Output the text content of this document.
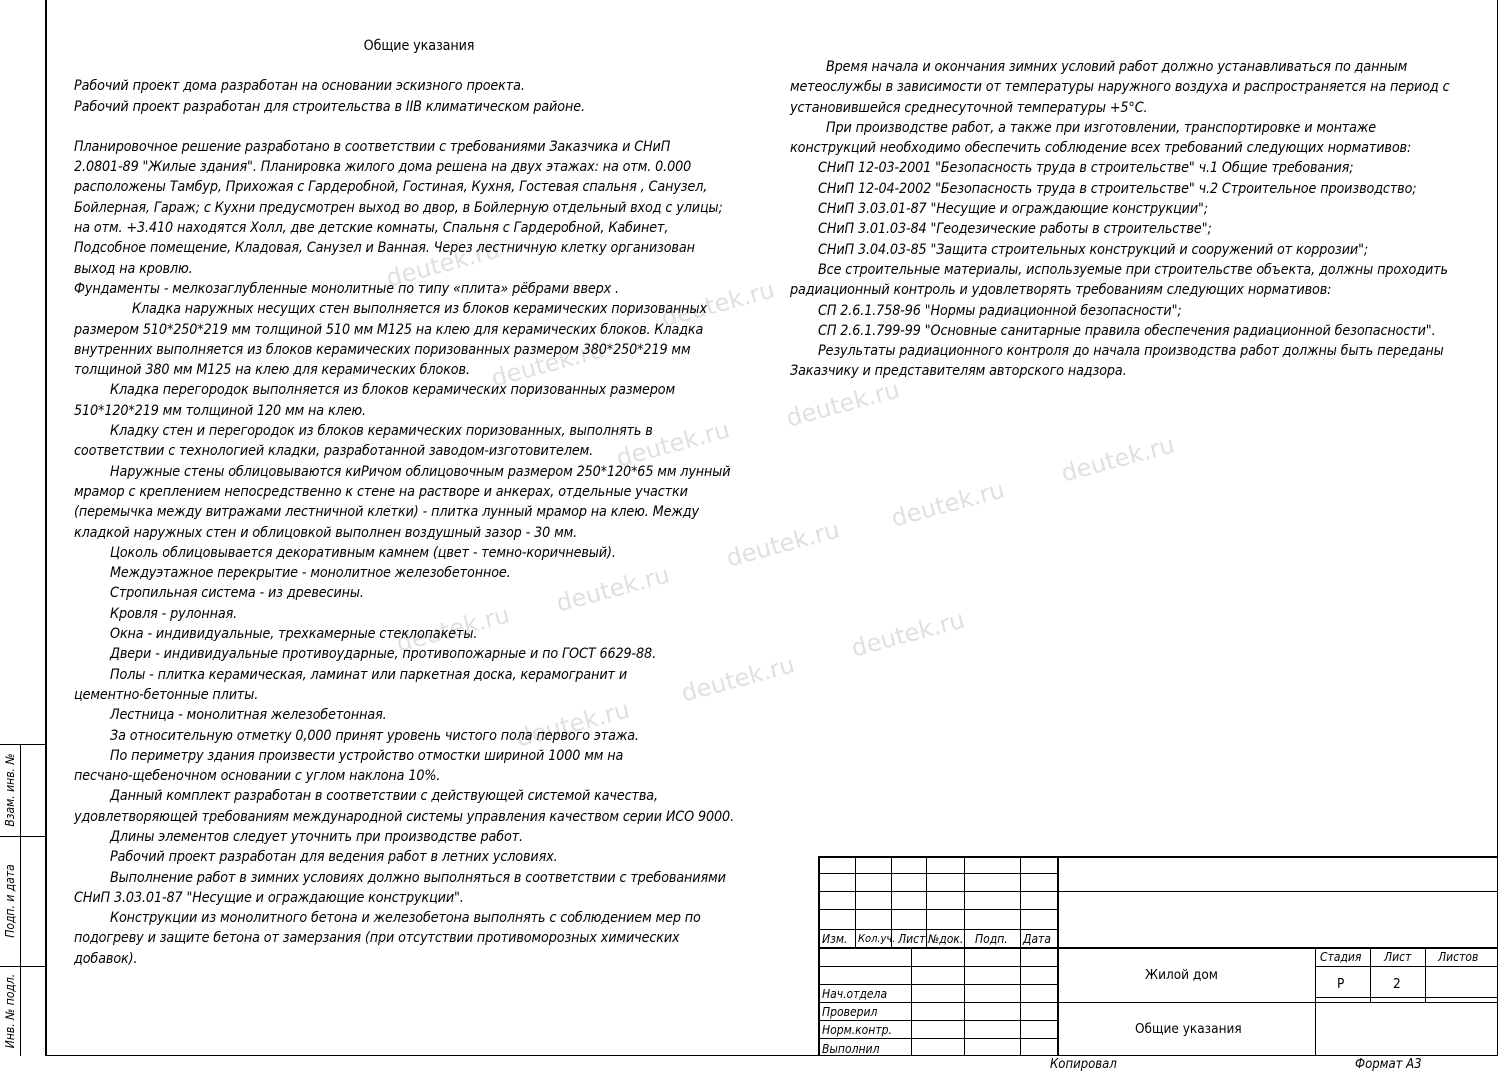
deutek.ru
deutek.ru
deutek.ru
deutek.ru
deutek.ru	deutek.ru
deutek.ru
deutek.ru
deutek.ru
deutek.ru	deutek.ru
deutek.ru
deutek.ru

Общие указания

Рабочий проект дома разработан на основании эскизного проекта.

Рабочий проект разработан для строительства в IIВ климатическом районе.

Планировочное решение разработано в соответствии с требованиями Заказчика и СНиП

2.0801-89 "Жилые здания". Планировка жилого дома решена на двух этажах: на отм. 0.000

расположены Тамбур, Прихожая с Гардеробной, Гостиная, Кухня, Гостевая спальня , Санузел,

Бойлерная, Гараж; с Кухни предусмотрен выход во двор, в Бойлерную отдельный вход с улицы;

на отм. +3.410 находятся Холл, две детские комнаты, Спальня с Гардеробной, Кабинет,

Подсобное помещение, Кладовая, Санузел и Ванная. Через лестничную клетку организован

выход на кровлю.

Фундаменты - мелкозаглубленные монолитные по типу «плита» рёбрами вверх .

Кладка наружных несущих стен выполняется из блоков керамических поризованных

размером 510*250*219 мм толщиной 510 мм М125 на клею для керамических блоков. Кладка

внутренних выполняется из блоков керамических поризованных размером 380*250*219 мм

толщиной 380 мм М125 на клею для керамических блоков.

Кладка перегородок выполняется из блоков керамических поризованных размером

510*120*219 мм толщиной 120 мм на клею.

Кладку стен и перегородок из блоков керамических поризованных, выполнять в

соответствии с технологией кладки, разработанной заводом-изготовителем.

Наружные стены облицовываются киРичом облицовочным размером 250*120*65 мм лунный

мрамор с креплением непосредственно к стене на растворе и анкерах, отдельные участки

(перемычка между витражами лестничной клетки) - плитка лунный мрамор на клею. Между

кладкой наружных стен и облицовкой выполнен воздушный зазор - 30 мм.

Цоколь облицовывается декоративным камнем (цвет - темно-коричневый).

Междуэтажное перекрытие - монолитное железобетонное.

Стропильная система - из древесины.

Кровля - рулонная.

Окна - индивидуальные, трехкамерные стеклопакеты.

Двери - индивидуальные противоударные, противопожарные и по ГОСТ 6629-88.

Полы - плитка керамическая, ламинат или паркетная доска, керамогранит и

цементно-бетонные плиты.

Лестница - монолитная железобетонная.

За относительную отметку 0,000 принят уровень чистого пола первого этажа.

По периметру здания произвести устройство отмостки шириной 1000 мм на

песчано-щебеночном основании с углом наклона 10%.

Данный комплект разработан в соответствии с действующей системой качества,

удовлетворяющей требованиям международной системы управления качеством серии ИСО 9000.

Длины элементов следует уточнить при производстве работ.

Рабочий проект разработан для ведения работ в летних условиях.

Выполнение работ в зимних условиях должно выполняться в соответствии с требованиями

СНиП 3.03.01-87 "Несущие и ограждающие конструкции".

Конструкции из монолитного бетона и железобетона выполнять с соблюдением мер по

подогреву и защите бетона от замерзания (при отсутствии противоморозных химических

добавок).

Время начала и окончания зимних условий работ должно устанавливаться по данным

метеослужбы в зависимости от температуры наружного воздуха и распространяется на период с

установившейся среднесуточной температуры +5°C.

При производстве работ, а также при изготовлении, транспортировке и монтаже

конструкций необходимо обеспечить соблюдение всех требований следующих нормативов:

СНиП 12-03-2001 "Безопасность труда в строительстве" ч.1 Общие требования;

СНиП 12-04-2002 "Безопасность труда в строительстве" ч.2 Строительное производство;

СНиП 3.03.01-87 "Несущие и ограждающие конструкции";

СНиП 3.01.03-84 "Геодезические работы в строительстве";

СНиП 3.04.03-85 "Защита строительных конструкций и сооружений от коррозии";

Все строительные материалы, используемые при строительстве объекта, должны проходить

радиационный контроль и удовлетворять требованиям следующих нормативов:

СП 2.6.1.758-96 "Нормы радиационной безопасности";

СП 2.6.1.799-99 "Основные санитарные правила обеспечения радиационной безопасности".

Результаты радиационного контроля до начала производства работ должны быть переданы

Заказчику и представителям авторского надзора.

Взам. инв. №
Подп. и дата
Инв. № подл.
Изм. Кол.уч. Лист №док. Подп. Дата
Нач.отдела
Проверил
Норм.контр.
Выполнил
Жилой дом
Общие указания
Стадия Лист Листов
Р	2
Копировал	Формат А3
